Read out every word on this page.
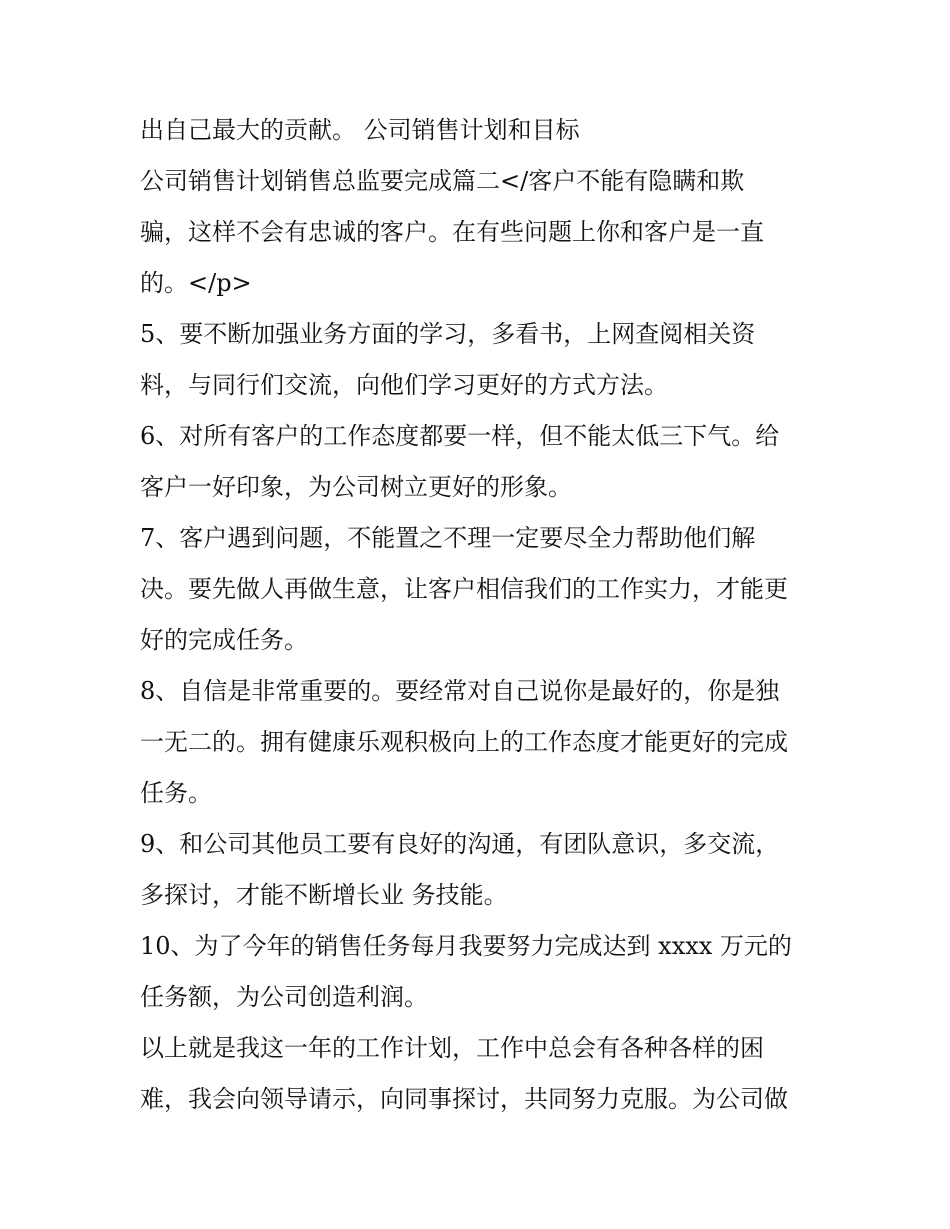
出自己最大的贡献。 公司销售计划和目标
公司销售计划销售总监要完成篇二</客户不能有隐瞒和欺
骗，这样不会有忠诚的客户。在有些问题上你和客户是一直
的。</p>
5、要不断加强业务方面的学习，多看书，上网查阅相关资
料，与同行们交流，向他们学习更好的方式方法。
6、对所有客户的工作态度都要一样，但不能太低三下气。给
客户一好印象，为公司树立更好的形象。
7、客户遇到问题，不能置之不理一定要尽全力帮助他们解
决。要先做人再做生意，让客户相信我们的工作实力，才能更
好的完成任务。
8、自信是非常重要的。要经常对自己说你是最好的，你是独
一无二的。拥有健康乐观积极向上的工作态度才能更好的完成
任务。
9、和公司其他员工要有良好的沟通，有团队意识，多交流，
多探讨，才能不断增长业 务技能。
10、为了今年的销售任务每月我要努力完成达到 xxxx 万元的
任务额，为公司创造利润。
以上就是我这一年的工作计划，工作中总会有各种各样的困
难，我会向领导请示，向同事探讨，共同努力克服。为公司做
